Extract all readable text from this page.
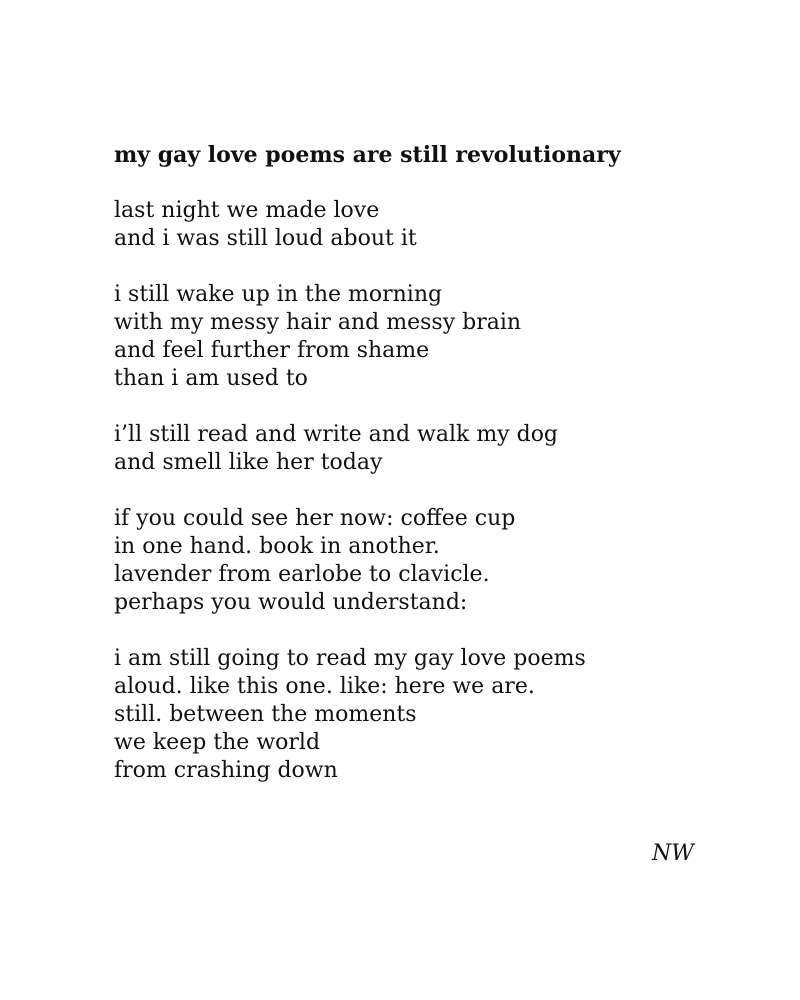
my gay love poems are still revolutionary
last night we made love
and i was still loud about it
i still wake up in the morning
with my messy hair and messy brain
and feel further from shame
than i am used to
i’ll still read and write and walk my dog
and smell like her today
if you could see her now: coffee cup
in one hand. book in another.
lavender from earlobe to clavicle.
perhaps you would understand:
i am still going to read my gay love poems
aloud. like this one. like: here we are.
still. between the moments
we keep the world
from crashing down
NW
